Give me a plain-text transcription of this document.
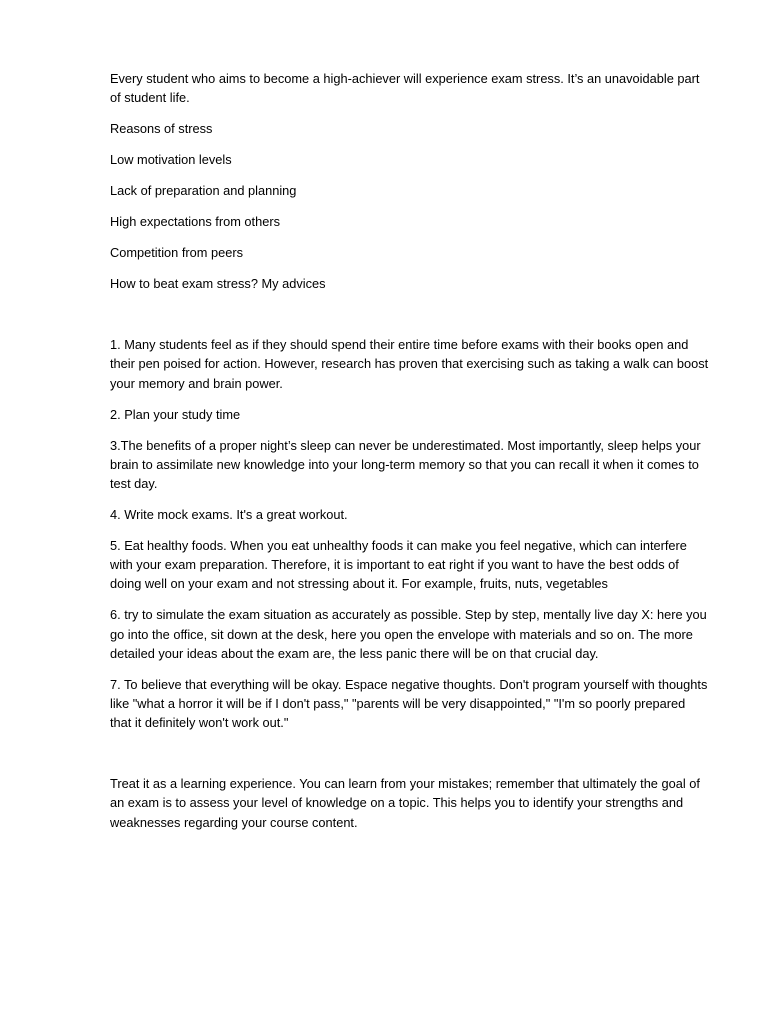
Every student who aims to become a high-achiever will experience exam stress. It’s an unavoidable part of student life.

Reasons of stress

Low motivation levels

Lack of preparation and planning

High expectations from others

Competition from peers

How to beat exam stress? My advices

1. Many students feel as if they should spend their entire time before exams with their books open and their pen poised for action. However, research has proven that exercising such as taking a walk can boost your memory and brain power.

2. Plan your study time

3.The benefits of a proper night’s sleep can never be underestimated. Most importantly, sleep helps your brain to assimilate new knowledge into your long-term memory so that you can recall it when it comes to test day.

4. Write mock exams. It's a great workout.

5. Eat healthy foods. When you eat unhealthy foods it can make you feel negative, which can interfere with your exam preparation. Therefore, it is important to eat right if you want to have the best odds of doing well on your exam and not stressing about it. For example, fruits, nuts, vegetables

6. try to simulate the exam situation as accurately as possible. Step by step, mentally live day X: here you go into the office, sit down at the desk, here you open the envelope with materials and so on. The more detailed your ideas about the exam are, the less panic there will be on that crucial day.

7. To believe that everything will be okay. Espace negative thoughts. Don't program yourself with thoughts like "what a horror it will be if I don't pass," "parents will be very disappointed," "I'm so poorly prepared that it definitely won't work out."

Treat it as a learning experience. You can learn from your mistakes; remember that ultimately the goal of an exam is to assess your level of knowledge on a topic. This helps you to identify your strengths and weaknesses regarding your course content.
